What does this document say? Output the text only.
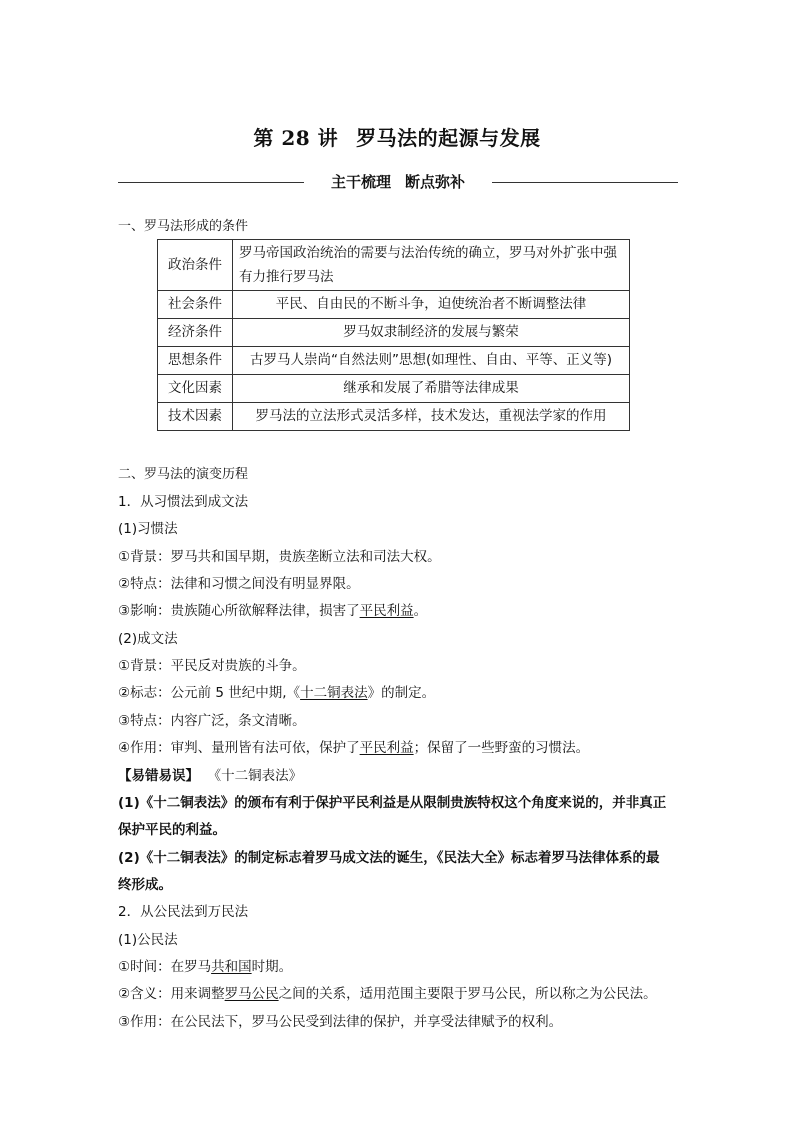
第 28 讲 罗马法的起源与发展
主干梳理 断点弥补
一、罗马法形成的条件
政治条件	罗马帝国政治统治的需要与法治传统的确立，罗马对外扩张中强
有力推行罗马法
社会条件	平民、自由民的不断斗争，迫使统治者不断调整法律
经济条件	罗马奴隶制经济的发展与繁荣
思想条件	古罗马人崇尚“自然法则”思想(如理性、自由、平等、正义等)
文化因素	继承和发展了希腊等法律成果
技术因素	罗马法的立法形式灵活多样，技术发达，重视法学家的作用
二、罗马法的演变历程
1．从习惯法到成文法
(1)习惯法
①背景：罗马共和国早期，贵族垄断立法和司法大权。
②特点：法律和习惯之间没有明显界限。
③影响：贵族随心所欲解释法律，损害了平民利益。
(2)成文法
①背景：平民反对贵族的斗争。
②标志：公元前 5 世纪中期,《十二铜表法》的制定。
③特点：内容广泛，条文清晰。
④作用：审判、量刑皆有法可依，保护了平民利益；保留了一些野蛮的习惯法。
【易错易误】 《十二铜表法》
(1)《十二铜表法》的颁布有利于保护平民利益是从限制贵族特权这个角度来说的，并非真正
保护平民的利益。
(2)《十二铜表法》的制定标志着罗马成文法的诞生，《民法大全》标志着罗马法律体系的最
终形成。
2．从公民法到万民法
(1)公民法
①时间：在罗马共和国时期。
②含义：用来调整罗马公民之间的关系，适用范围主要限于罗马公民，所以称之为公民法。
③作用：在公民法下，罗马公民受到法律的保护，并享受法律赋予的权利。
